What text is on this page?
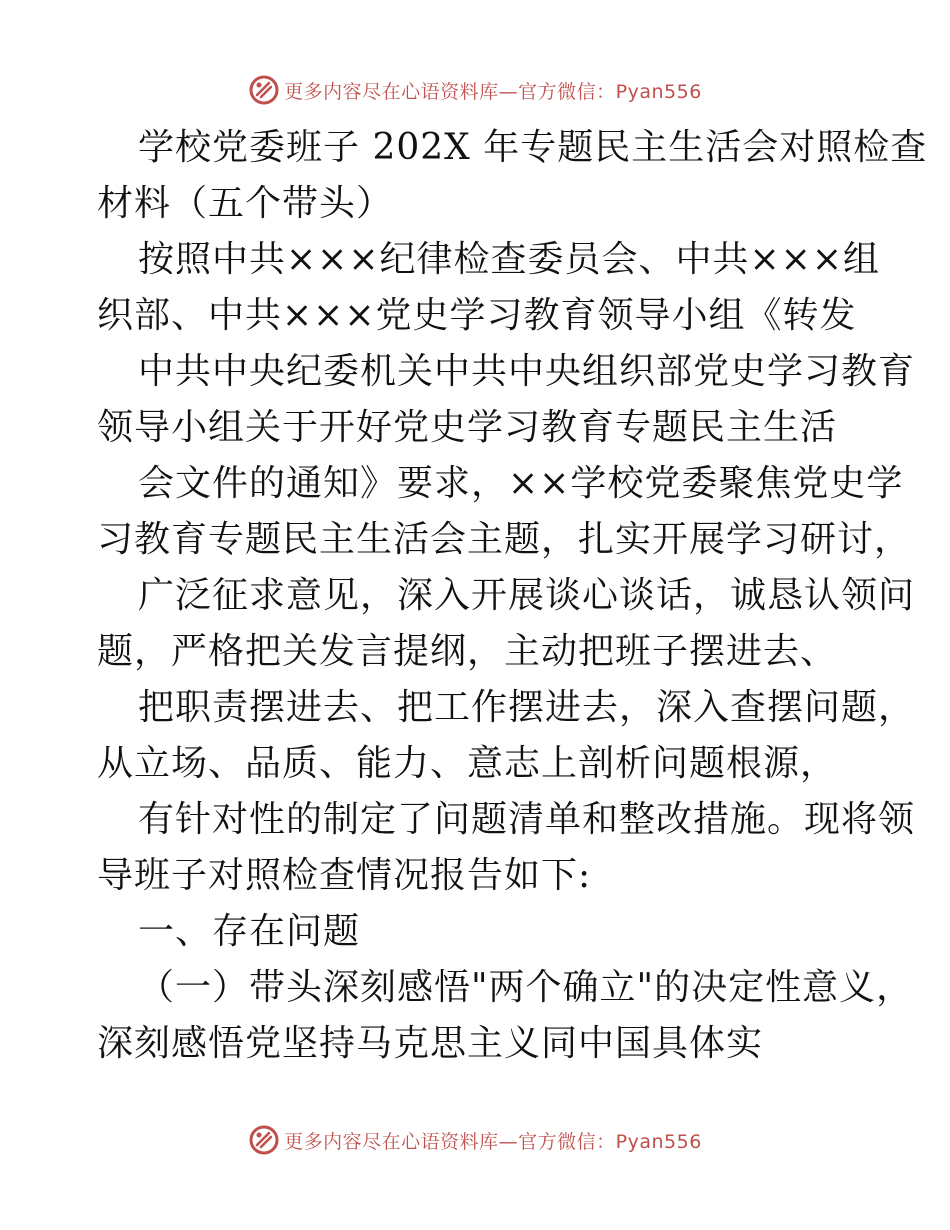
更多内容尽在心语资料库—官方微信：Pyan556
学校党委班子 202X 年专题民主生活会对照检查
材料（五个带头）
按照中共×××纪律检查委员会、中共×××组
织部、中共×××党史学习教育领导小组《转发
中共中央纪委机关中共中央组织部党史学习教育
领导小组关于开好党史学习教育专题民主生活
会文件的通知》要求，××学校党委聚焦党史学
习教育专题民主生活会主题，扎实开展学习研讨，
广泛征求意见，深入开展谈心谈话，诚恳认领问
题，严格把关发言提纲，主动把班子摆进去、
把职责摆进去、把工作摆进去，深入查摆问题，
从立场、品质、能力、意志上剖析问题根源，
有针对性的制定了问题清单和整改措施。现将领
导班子对照检查情况报告如下:
一、存在问题
（一）带头深刻感悟"两个确立"的决定性意义，
深刻感悟党坚持马克思主义同中国具体实
更多内容尽在心语资料库—官方微信：Pyan556
